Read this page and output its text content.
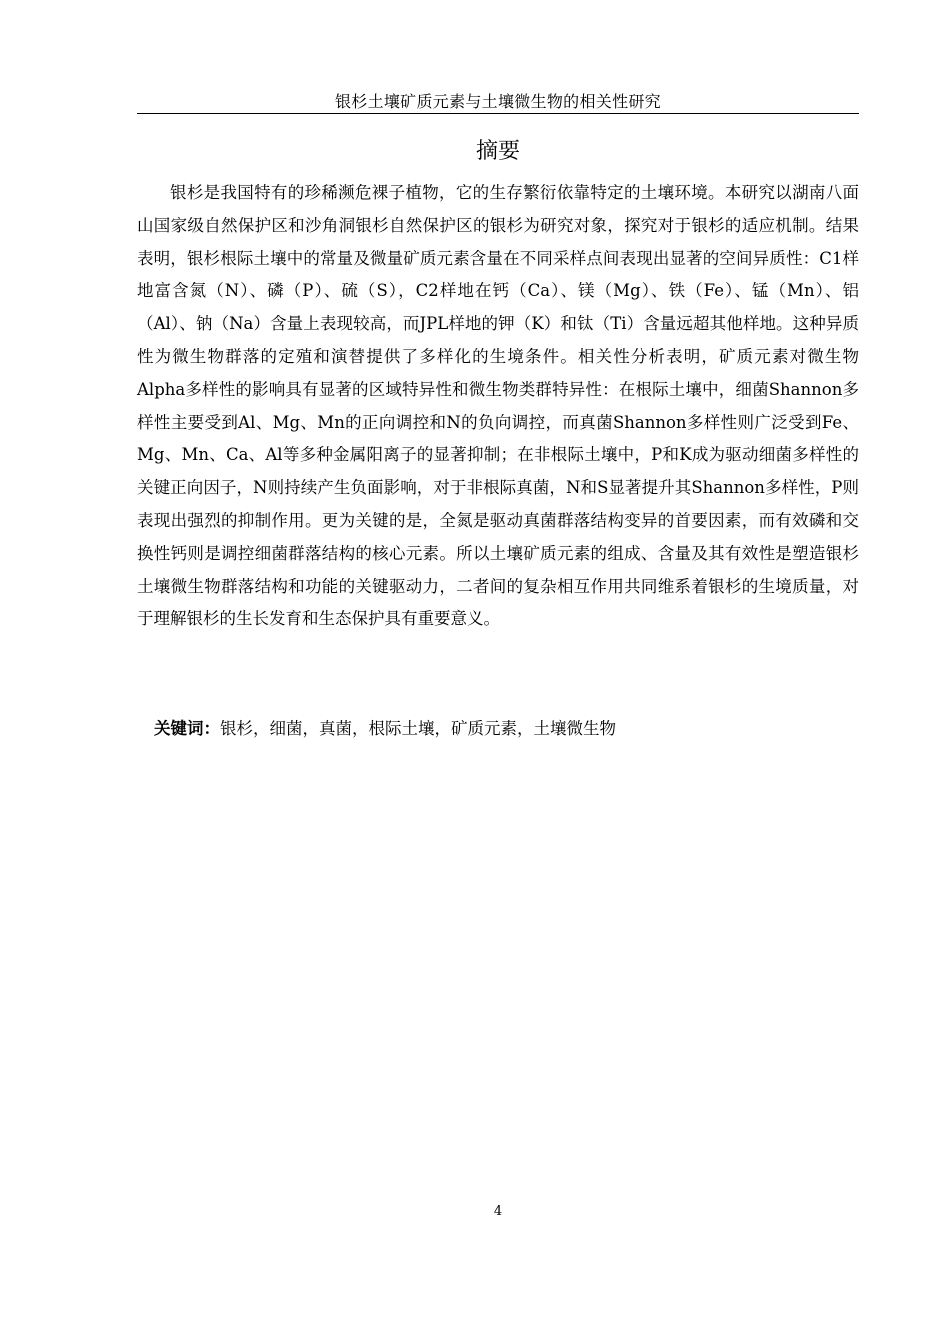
银杉土壤矿质元素与土壤微生物的相关性研究
摘要

银杉是我国特有的珍稀濒危裸子植物，它的生存繁衍依靠特定的土壤环境。本研究以湖南八面山国家级自然保护区和沙角洞银杉自然保护区的银杉为研究对象，探究对于银杉的适应机制。结果表明，银杉根际土壤中的常量及微量矿质元素含量在不同采样点间表现出显著的空间异质性：C1样地富含氮（N）、磷（P）、硫（S），C2样地在钙（Ca）、镁（Mg）、铁（Fe）、锰（Mn）、铝（Al）、钠（Na）含量上表现较高，而JPL样地的钾（K）和钛（Ti）含量远超其他样地。这种异质性为微生物群落的定殖和演替提供了多样化的生境条件。相关性分析表明，矿质元素对微生物Alpha多样性的影响具有显著的区域特异性和微生物类群特异性：在根际土壤中，细菌Shannon多样性主要受到Al、Mg、Mn的正向调控和N的负向调控，而真菌Shannon多样性则广泛受到Fe、Mg、Mn、Ca、Al等多种金属阳离子的显著抑制；在非根际土壤中，P和K成为驱动细菌多样性的关键正向因子，N则持续产生负面影响，对于非根际真菌，N和S显著提升其Shannon多样性，P则表现出强烈的抑制作用。更为关键的是，全氮是驱动真菌群落结构变异的首要因素，而有效磷和交换性钙则是调控细菌群落结构的核心元素。所以土壤矿质元素的组成、含量及其有效性是塑造银杉土壤微生物群落结构和功能的关键驱动力，二者间的复杂相互作用共同维系着银杉的生境质量，对于理解银杉的生长发育和生态保护具有重要意义。

关键词：银杉，细菌，真菌，根际土壤，矿质元素，土壤微生物
4
